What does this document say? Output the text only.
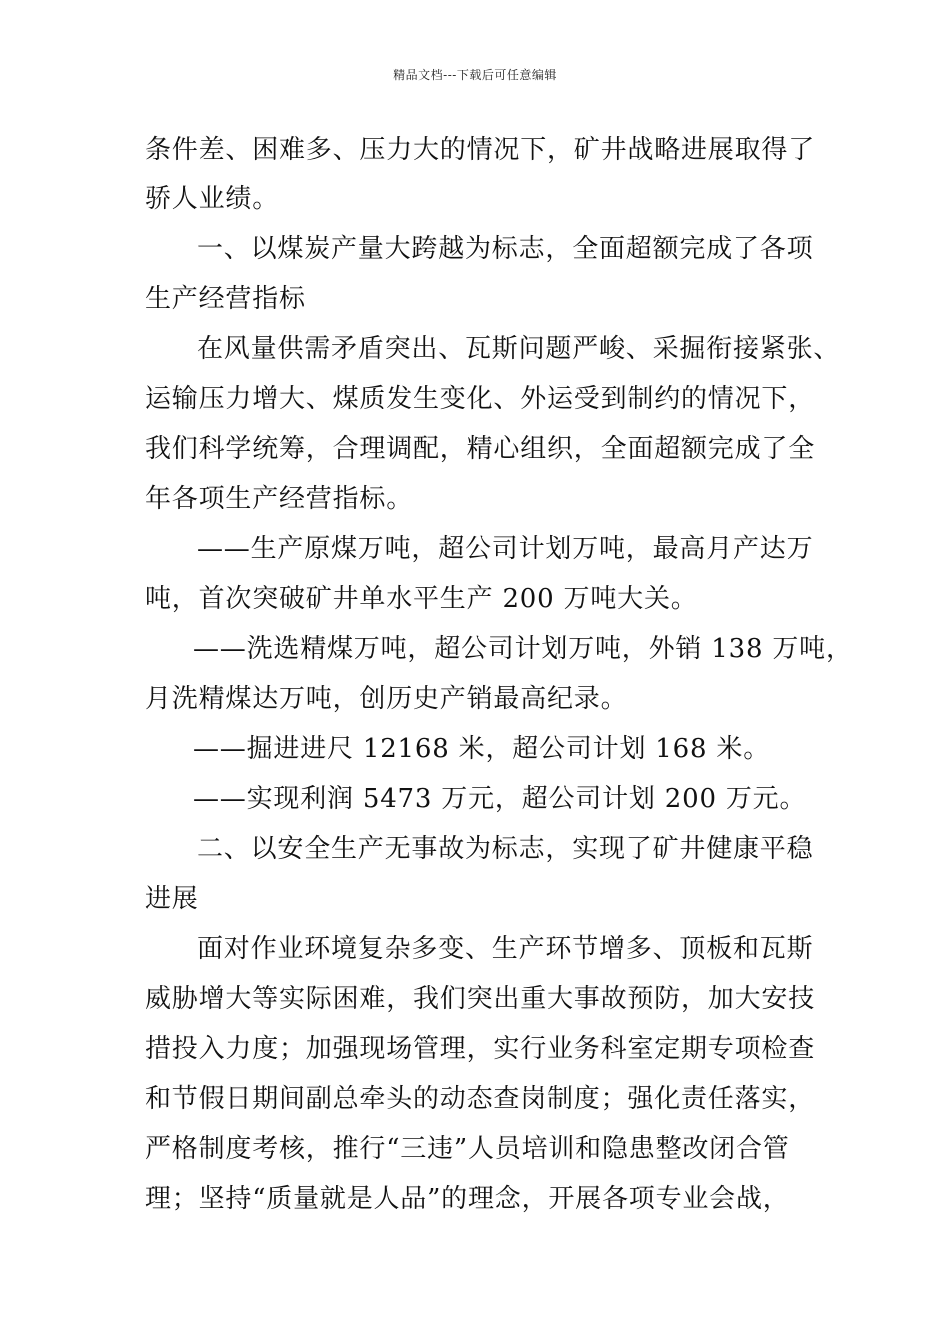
精品文档---下载后可任意编辑
条件差、困难多、压力大的情况下，矿井战略进展取得了
骄人业绩。
一、以煤炭产量大跨越为标志，全面超额完成了各项
生产经营指标
在风量供需矛盾突出、瓦斯问题严峻、采掘衔接紧张、
运输压力增大、煤质发生变化、外运受到制约的情况下，
我们科学统筹，合理调配，精心组织，全面超额完成了全
年各项生产经营指标。
——生产原煤万吨，超公司计划万吨，最高月产达万
吨，首次突破矿井单水平生产 200 万吨大关。
——洗选精煤万吨，超公司计划万吨，外销 138 万吨，
月洗精煤达万吨，创历史产销最高纪录。
——掘进进尺 12168 米，超公司计划 168 米。
——实现利润 5473 万元，超公司计划 200 万元。
二、以安全生产无事故为标志，实现了矿井健康平稳
进展
面对作业环境复杂多变、生产环节增多、顶板和瓦斯
威胁增大等实际困难，我们突出重大事故预防，加大安技
措投入力度；加强现场管理，实行业务科室定期专项检查
和节假日期间副总牵头的动态查岗制度；强化责任落实，
严格制度考核，推行“三违”人员培训和隐患整改闭合管
理；坚持“质量就是人品”的理念，开展各项专业会战，
